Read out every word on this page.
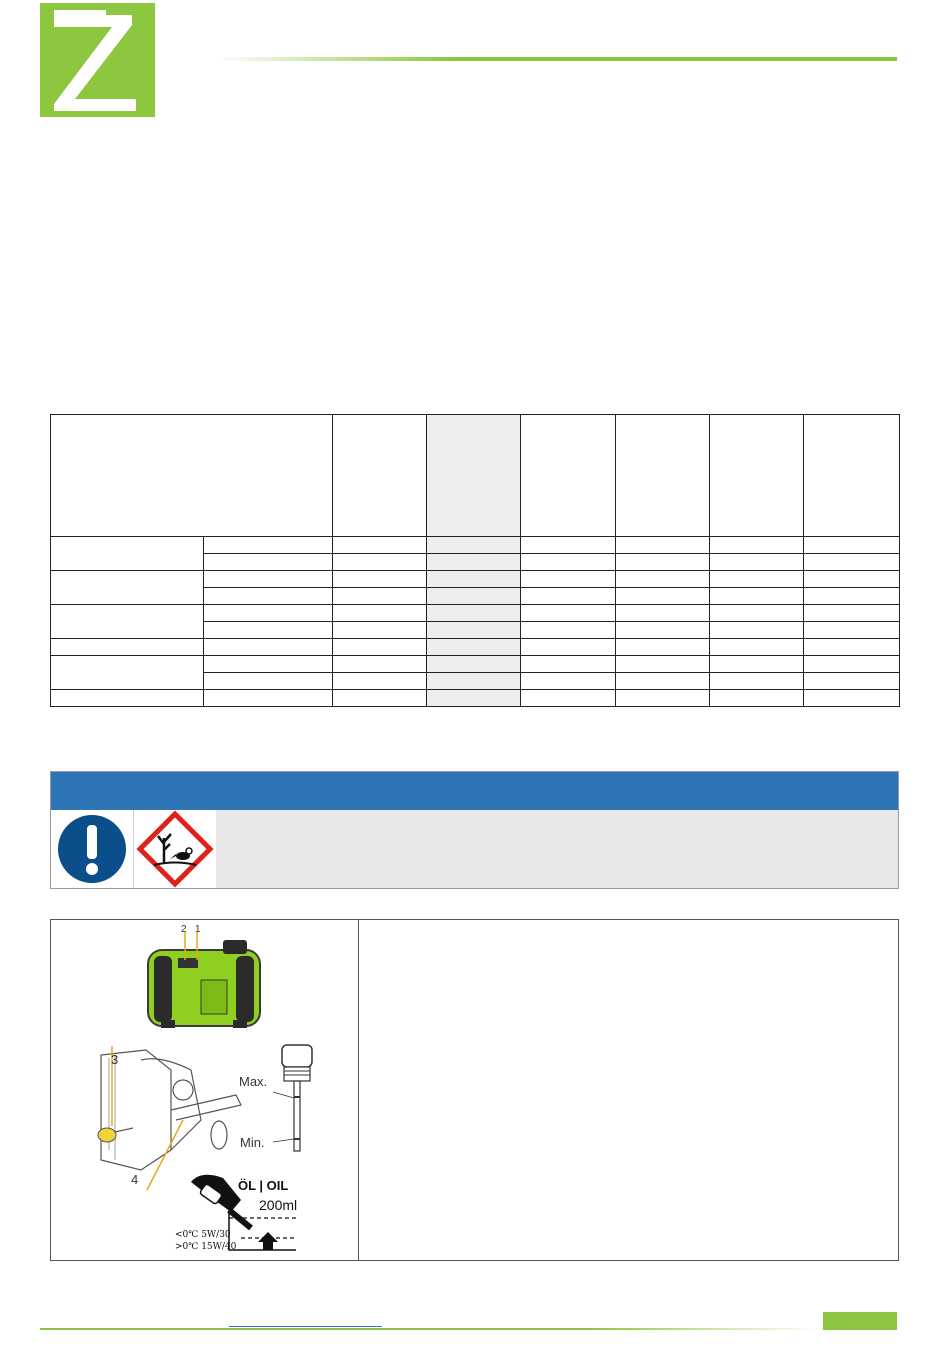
2 1
3
4
Max.
Min.
ÖL | OIL
200ml
<0℃ 5W/30
>0℃ 15W/40
